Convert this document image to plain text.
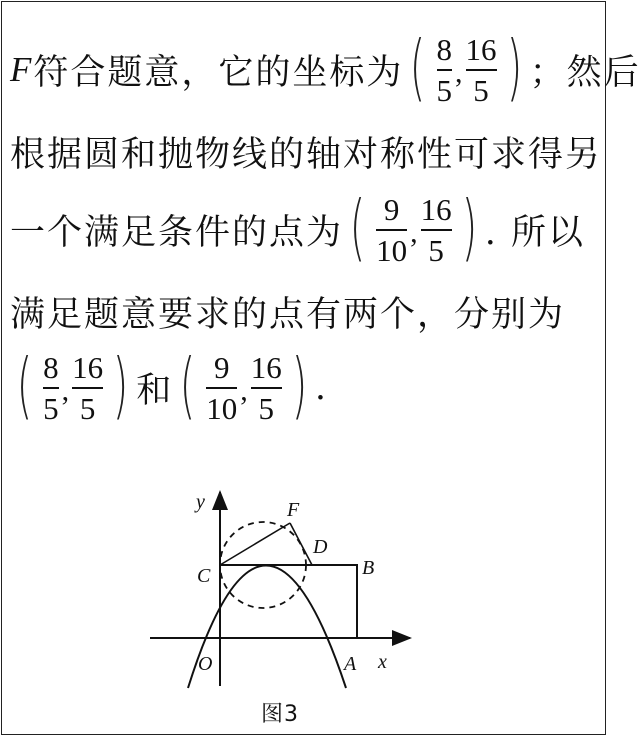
F 符合题意，它的坐标为 ( $\frac{8}{5}$ , $\frac{16}{5}$ ) ；然后
根据圆和抛物线的轴对称性可求得另
一个满足条件的点为 ( $\frac{9}{10}$ , $\frac{16}{5}$ ) . 所以
满足题意要求的点有两个，分别为
( $\frac{8}{5}$ , $\frac{16}{5}$ ) 和 ( $\frac{9}{10}$ , $\frac{16}{5}$ ) .
y
x
O	A
B
C
D
F
图3
